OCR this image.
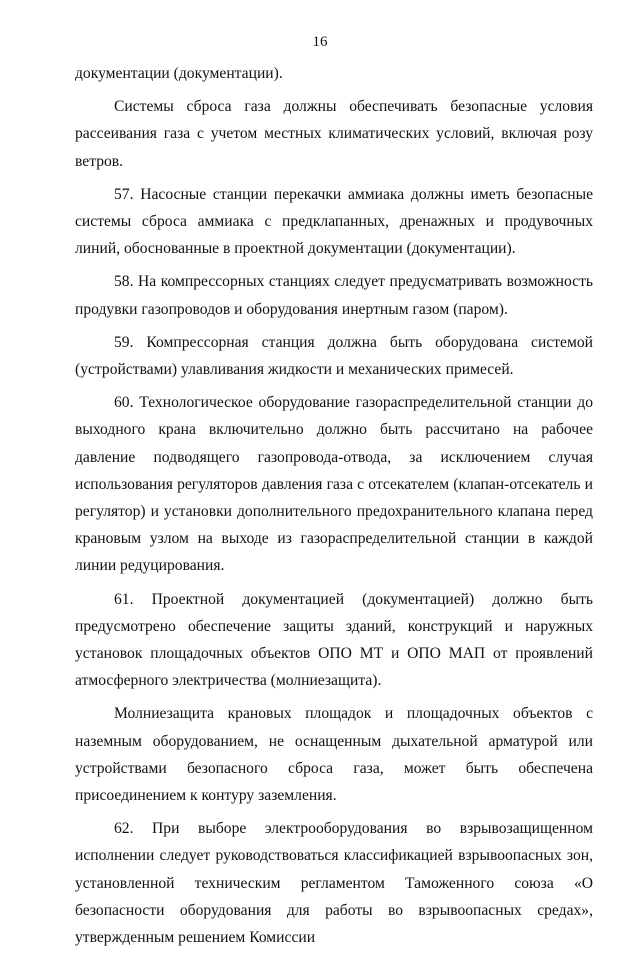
16

документации (документации).

Системы сброса газа должны обеспечивать безопасные условия рассеивания газа с учетом местных климатических условий, включая розу ветров.

57. Насосные станции перекачки аммиака должны иметь безопасные системы сброса аммиака с предклапанных, дренажных и продувочных линий, обоснованные в проектной документации (документации).

58. На компрессорных станциях следует предусматривать возможность продувки газопроводов и оборудования инертным газом (паром).

59. Компрессорная станция должна быть оборудована системой (устройствами) улавливания жидкости и механических примесей.

60. Технологическое оборудование газораспределительной станции до выходного крана включительно должно быть рассчитано на рабочее давление подводящего газопровода-отвода, за исключением случая использования регуляторов давления газа с отсекателем (клапан-отсекатель и регулятор) и установки дополнительного предохранительного клапана перед крановым узлом на выходе из газораспределительной станции в каждой линии редуцирования.

61. Проектной документацией (документацией) должно быть предусмотрено обеспечение защиты зданий, конструкций и наружных установок площадочных объектов ОПО МТ и ОПО МАП от проявлений атмосферного электричества (молниезащита).

Молниезащита крановых площадок и площадочных объектов с наземным оборудованием, не оснащенным дыхательной арматурой или устройствами безопасного сброса газа, может быть обеспечена присоединением к контуру заземления.

62. При выборе электрооборудования во взрывозащищенном исполнении следует руководствоваться классификацией взрывоопасных зон, установленной техническим регламентом Таможенного союза «О безопасности оборудования для работы во взрывоопасных средах», утвержденным решением Комиссии
